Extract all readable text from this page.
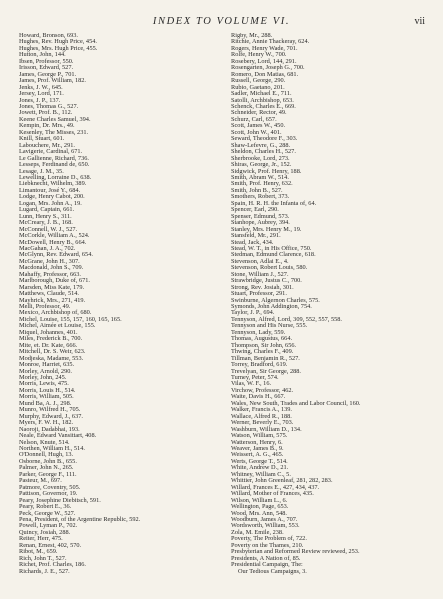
INDEX TO VOLUME VI.	vii
Howard, Bronson, 693.
Hughes, Rev. Hugh Price, 454.
Hughes, Mrs. Hugh Price, 455.
Hutton, John, 144.
Ibsen, Professor, 550.
Irisson, Edward, 527.
James, George P., 701.
James, Prof. William, 182.
Jenks, J. W., 645.
Jersey, Lord, 171.
Jones, J. P., 137.
Jones, Thomas G., 527.
Jowett, Prof. B., 112.
Keene Charles Samuel, 394.
Kempin, Dr. Mrs., 49.
Kesenley, The Misses, 231.
Knill, Stuart, 601.
Labouchere, Mr., 291.
Lavigerie, Cardinal, 671.
Le Gallienne, Richard, 736.
Lesseps, Ferdinand de, 650.
Lesage, J. M., 35.
Lewelling, Lorraine D., 638.
Liebknecht, Wilhelm, 389.
Limantour, José Y., 684.
Lodge, Henry Cabot, 200.
Logan, Mrs. John A., 19.
Lugard, Captain, 661.
Lunn, Henry S., 311.
McCreary, J. B., 168.
McConnell, W. J., 527.
McCorkle, William A., 524.
McDowell, Henry B., 664.
MacGahan, J. A., 702.
McGlynn, Rev. Edward, 654.
McGrane, John H., 307.
Macdonald, John S., 709.
Mahaffy, Professor, 663.
Marlborough, Duke of, 671.
Marsden, Miss Kate, 179.
Matthews, Claude, 514.
Mayhrick, Mrs., 271, 419.
Melli, Professor, 49.
Mexico, Archbishop of, 680.
Michel, Louise, 155, 157, 160, 165, 165.
Michel, Aimée et Louise, 155.
Miquel, Johannes, 401.
Miles, Frederick B., 700.
Mite, et. Dr. Kate, 666.
Mitchell, Dr. S. Weir, 623.
Modjeska, Madame, 553.
Monroe, Harriet, 635.
Morley, Arnold, 290.
Morley, John, 245.
Morris, Lewis, 475.
Morris, Louis H., 514.
Morris, William, 505.
Mund Ba, A. J., 298.
Munro, Wilfred H., 705.
Murphy, Edward, J., 637.
Myers, F. W. H., 182.
Naoroji, Dadabhai, 193.
Neale, Edward Vansittart, 408.
Nelson, Knute, 514.
Northen, William H., 514.
O'Donnell, Hugh, 13.
Osborne, John B., 655.
Palmer, John N., 265.
Parker, George F., 111.
Pasteur, M., 697.
Patmore, Coventry, 505.
Pattison, Governor, 19.
Peary, Josephine Diebitsch, 591.
Peary, Robert E., 36.
Peck, George W., 527.
Pena, President, of the Argentine Republic, 592.
Powell, Lyman P., 702.
Quincy, Josiah, 288.
Reiter, Herr, 475.
Renan, Ernest, 402, 570.
Ribot, M., 659.
Rich, John T., 527.
Richet, Prof. Charles, 186.
Richards, J. E., 527.
Rigby, Mr., 288.
Ritchie, Annie Thackeray, 624.
Rogers, Henry Wade, 701.
Rolfe, Henry W., 700.
Rosebery, Lord, 144, 291.
Rosengarten, Joseph G., 700.
Romero, Don Matias, 681.
Russell, George, 290.
Rubio, Gaetano, 201.
Sadler, Michael E., 711.
Satolli, Archbishop, 653.
Schenck, Charles E., 669.
Schneider, Rector, 49.
Schurz, Carl, 657.
Scott, James W., 450.
Scott, John W., 401.
Seward, Theodore F., 303.
Shaw-Lefevre, G., 288.
Sheldon, Charles H., 527.
Sherbrooke, Lord, 273.
Shiras, George, Jr., 152.
Sidgwick, Prof. Henry, 188.
Smith, Abram W., 514.
Smith, Prof. Henry, 632.
Smith, John B., 527.
Smothers, Robert, 373.
Spain, H. R. H. the Infanta of, 64.
Spencer, Earl, 290.
Spenser, Edmund, 573.
Stanhope, Aubrey, 394.
Stanley, Mrs. Henry M., 19.
Stansfeld, Mr., 291.
Stead, Jack, 434.
Stead, W. T., in His Office, 750.
Stedman, Edmund Clarence, 618.
Stevenson, Adlai E., 4.
Stevenson, Robert Louis, 580.
Stone, William J., 527.
Strawbridge, Justus C., 700.
Strong, Rev. Josiah, 301.
Stuart, Professor, 291.
Swinburne, Algernon Charles, 575.
Symonds, John Addington, 754.
Taylor, J. P., 694.
Tennyson, Alfred, Lord, 309, 552, 557, 558.
Tennyson and His Nurse, 555.
Tennyson, Lady, 559.
Thomas, Augustus, 664.
Thompson, Sir John, 656.
Thwing, Charles F., 409.
Tillman, Benjamin R., 527.
Torrey, Bradford, 619.
Trevelyan, Sir George, 288.
Turney, Peter, 574.
Vilas, W. F., 16.
Virchow, Professor, 462.
Waite, Davis H., 667.
Wales, New South, Trades and Labor Council, 160.
Walker, Francis A., 139.
Wallace, Alfred R., 188.
Werner, Beverly E., 703.
Washburn, William D., 134.
Watson, William, 575.
Watterson, Henry, 6.
Weaver, James B., 9.
Weissert, A. G., 465.
Werts, George T., 514.
White, Andrew D., 21.
Whitney, William C., 5.
Whittier, John Greenleaf, 281, 282, 283.
Willard, Frances E., 427, 434, 437.
Willard, Mother of Frances, 435.
Wilson, William L., 6.
Wellington, Page, 653.
Wood, Mrs. Ann, 548.
Woodburn, James A., 707.
Wordsworth, William, 553.
Zola, M. Emile, 238.
Poverty, The Problem of, 722.
Poverty on the Thames, 210.
Presbyterian and Reformed Review reviewed, 253.
Presidents, A Nation of, 85.
Presidential Campaign, The:
Our Tedious Campaigns, 3.
